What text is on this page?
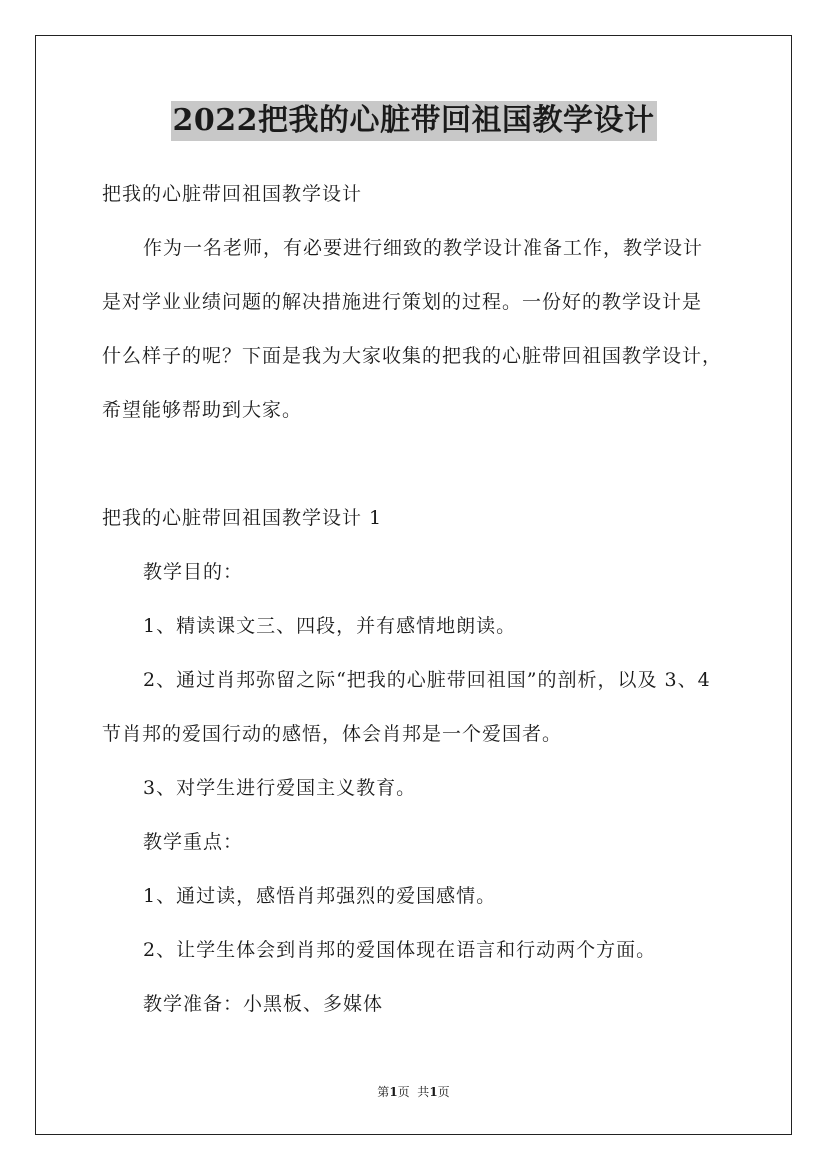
2022把我的心脏带回祖国教学设计
把我的心脏带回祖国教学设计
作为一名老师，有必要进行细致的教学设计准备工作，教学设计
是对学业业绩问题的解决措施进行策划的过程。一份好的教学设计是
什么样子的呢？下面是我为大家收集的把我的心脏带回祖国教学设计，
希望能够帮助到大家。
把我的心脏带回祖国教学设计 1
教学目的：
1、精读课文三、四段，并有感情地朗读。
2、通过肖邦弥留之际“把我的心脏带回祖国”的剖析，以及 3、4
节肖邦的爱国行动的感悟，体会肖邦是一个爱国者。
3、对学生进行爱国主义教育。
教学重点：
1、通过读，感悟肖邦强烈的爱国感情。
2、让学生体会到肖邦的爱国体现在语言和行动两个方面。
教学准备：小黑板、多媒体
第1页  共1页
